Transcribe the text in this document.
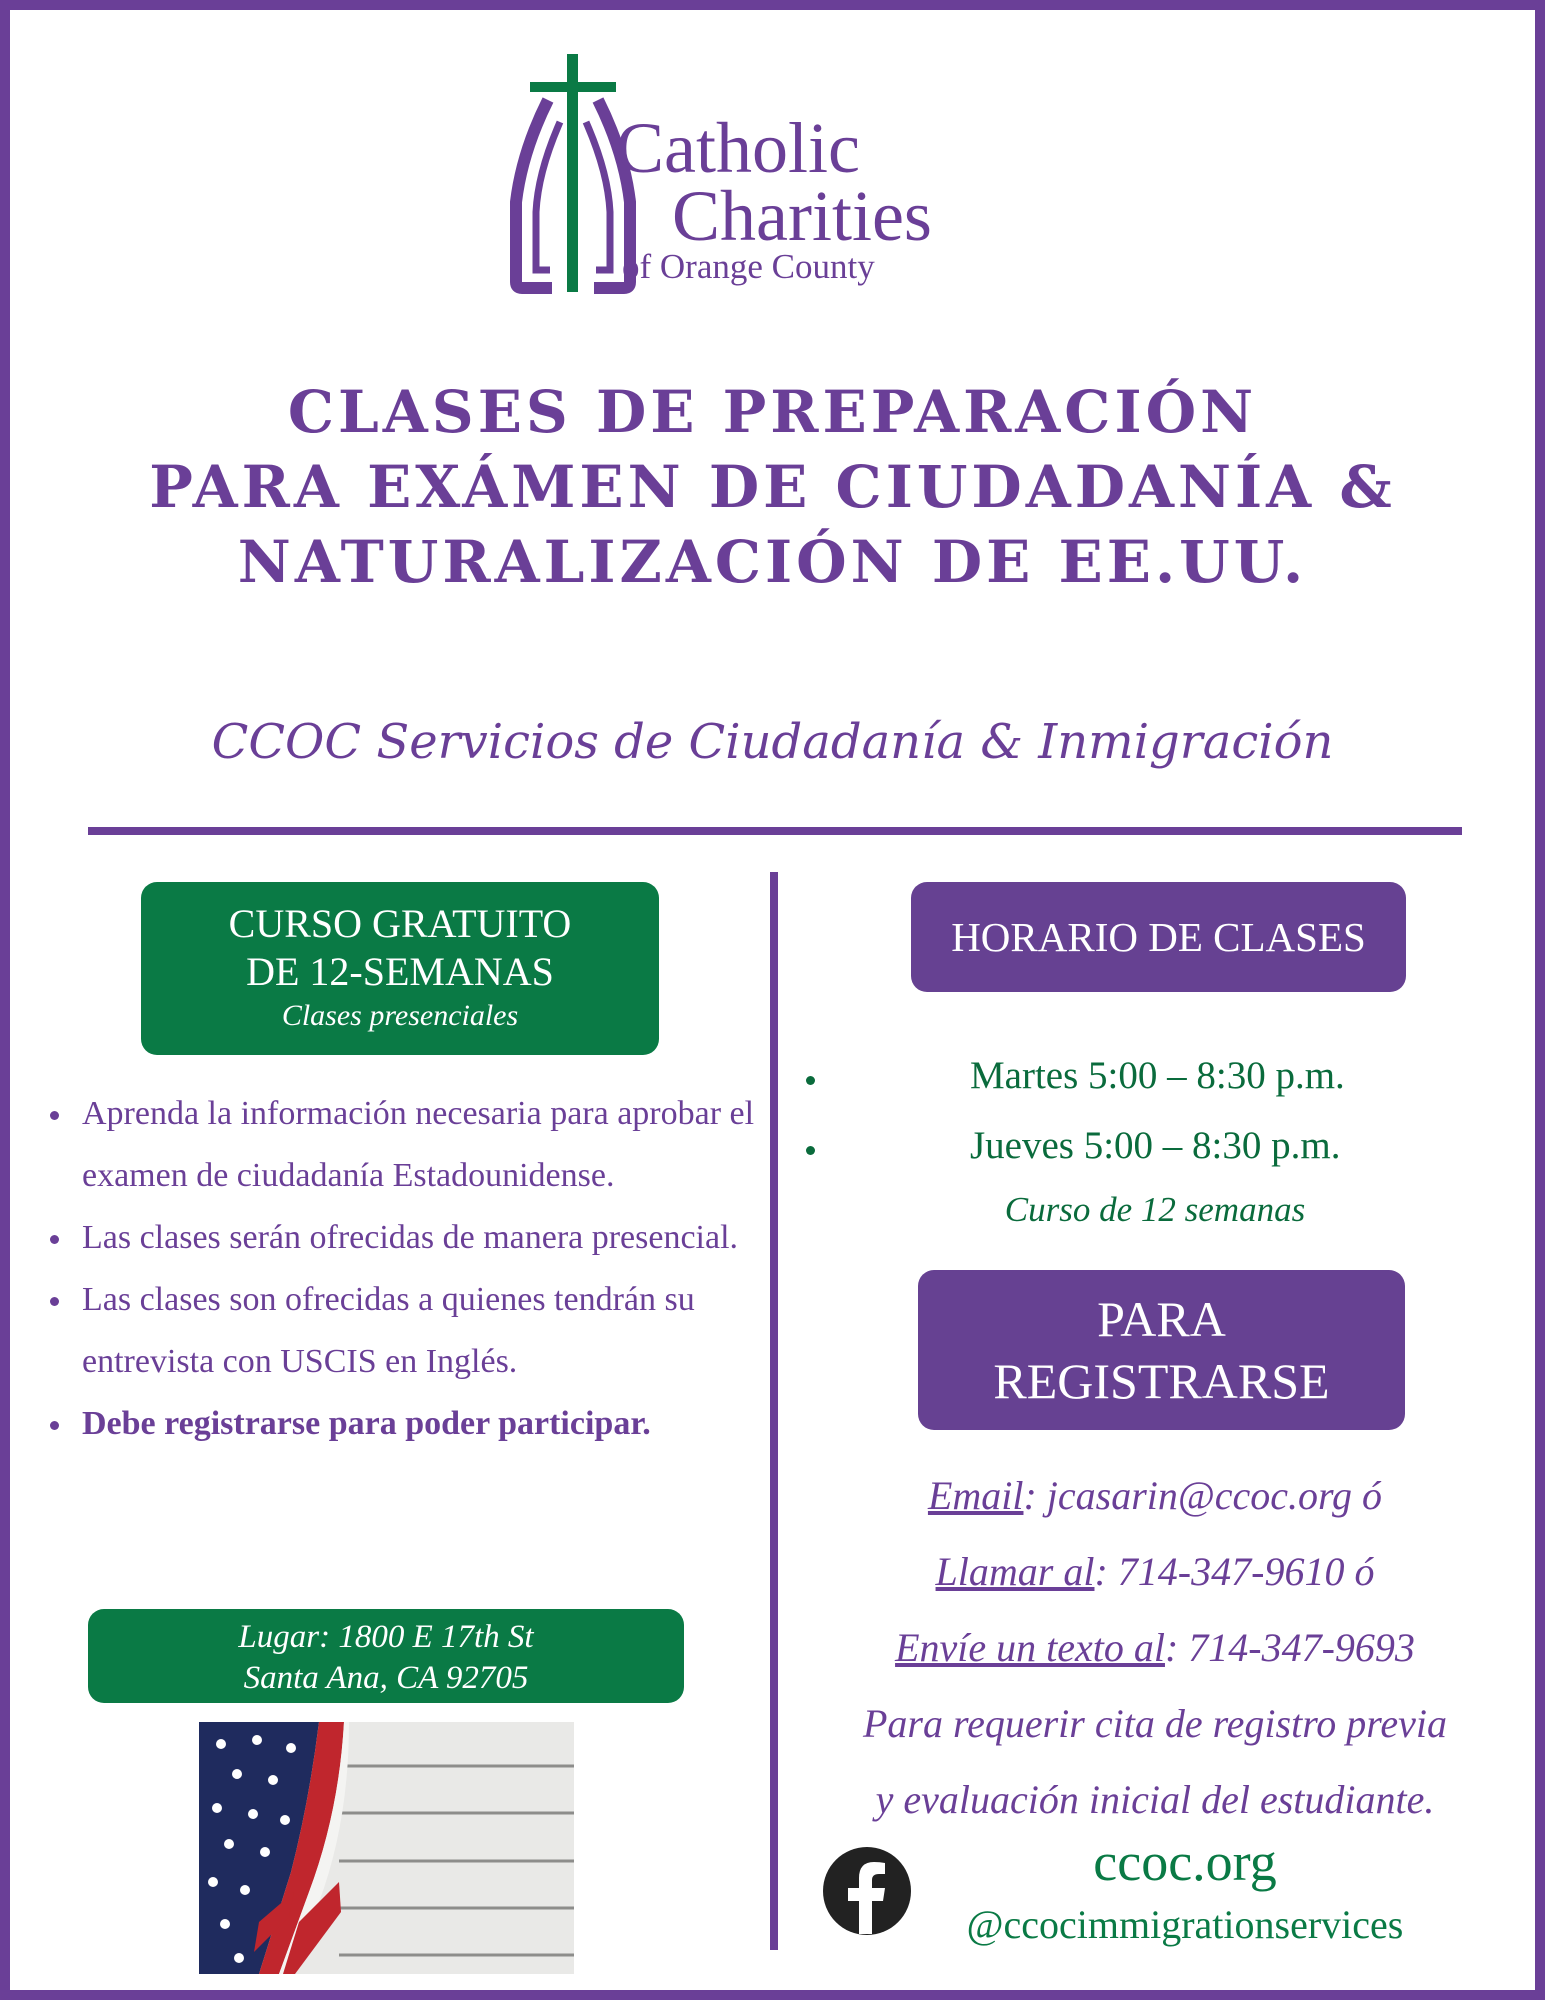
Catholic
Charities
of Orange County
CLASES DE PREPARACIÓN
PARA EXÁMEN DE CIUDADANÍA &
NATURALIZACIÓN DE EE.UU.
CCOC Servicios de Ciudadanía & Inmigración
CURSO GRATUITO
DE 12-SEMANAS
Clases presenciales
Aprenda la información necesaria para aprobar el examen de ciudadanía Estadounidense.
Las clases serán ofrecidas de manera presencial.
Las clases son ofrecidas a quienes tendrán su entrevista con USCIS en Inglés.
Debe registrarse para poder participar.
Lugar: 1800 E 17th St
Santa Ana, CA 92705
HORARIO DE CLASES
Martes 5:00 – 8:30 p.m.
Jueves 5:00 – 8:30 p.m.
Curso de 12 semanas
PARA
REGISTRARSE
Email: jcasarin@ccoc.org ó
Llamar al: 714-347-9610 ó
Envíe un texto al: 714-347-9693
Para requerir cita de registro previa
y evaluación inicial del estudiante.
ccoc.org
@ccocimmigrationservices
